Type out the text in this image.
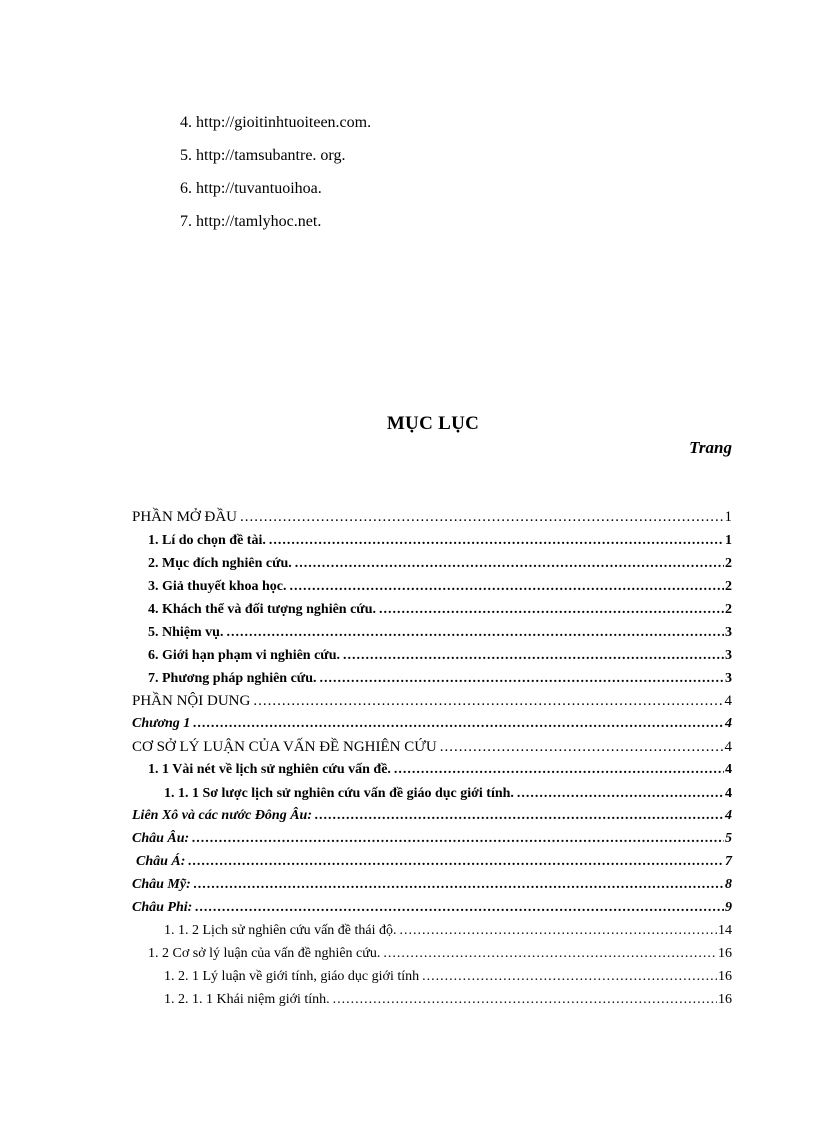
4. http://gioitinhtuoiteen.com.
5. http://tamsubantre. org.
6. http://tuvantuoihoa.
7. http://tamlyhoc.net.
MỤC LỤC
Trang
PHẦN MỞ ĐẦU .....	1
1. Lí do chọn đề tài. .....	1
2. Mục đích nghiên cứu. .....	2
3. Giả thuyết khoa học. .....	2
4. Khách thể và đối tượng nghiên cứu. .....	2
5. Nhiệm vụ. .....	3
6. Giới hạn phạm vi nghiên cứu. .....	3
7. Phương pháp nghiên cứu. .....	3
PHẦN NỘI DUNG .....	4
Chương 1 .....	4
CƠ SỞ LÝ LUẬN CỦA VẤN ĐỀ NGHIÊN CỨU .....	4
1. 1 Vài nét về lịch sử nghiên cứu vấn đề. .....	4
1. 1. 1 Sơ lược lịch sử nghiên cứu vấn đề giáo dục giới tính. .....	4
Liên Xô và các nước Đông Âu: .....	4
Châu Âu: .....	5
Châu Á: .....	7
Châu Mỹ: .....	8
Châu Phi: .....	9
1. 1. 2 Lịch sử nghiên cứu vấn đề thái độ. .....	14
1. 2 Cơ sở lý luận của vấn đề nghiên cứu. .....	16
1. 2. 1 Lý luận về giới tính, giáo dục giới tính .....	16
1. 2. 1. 1 Khái niệm giới tính. .....	16
